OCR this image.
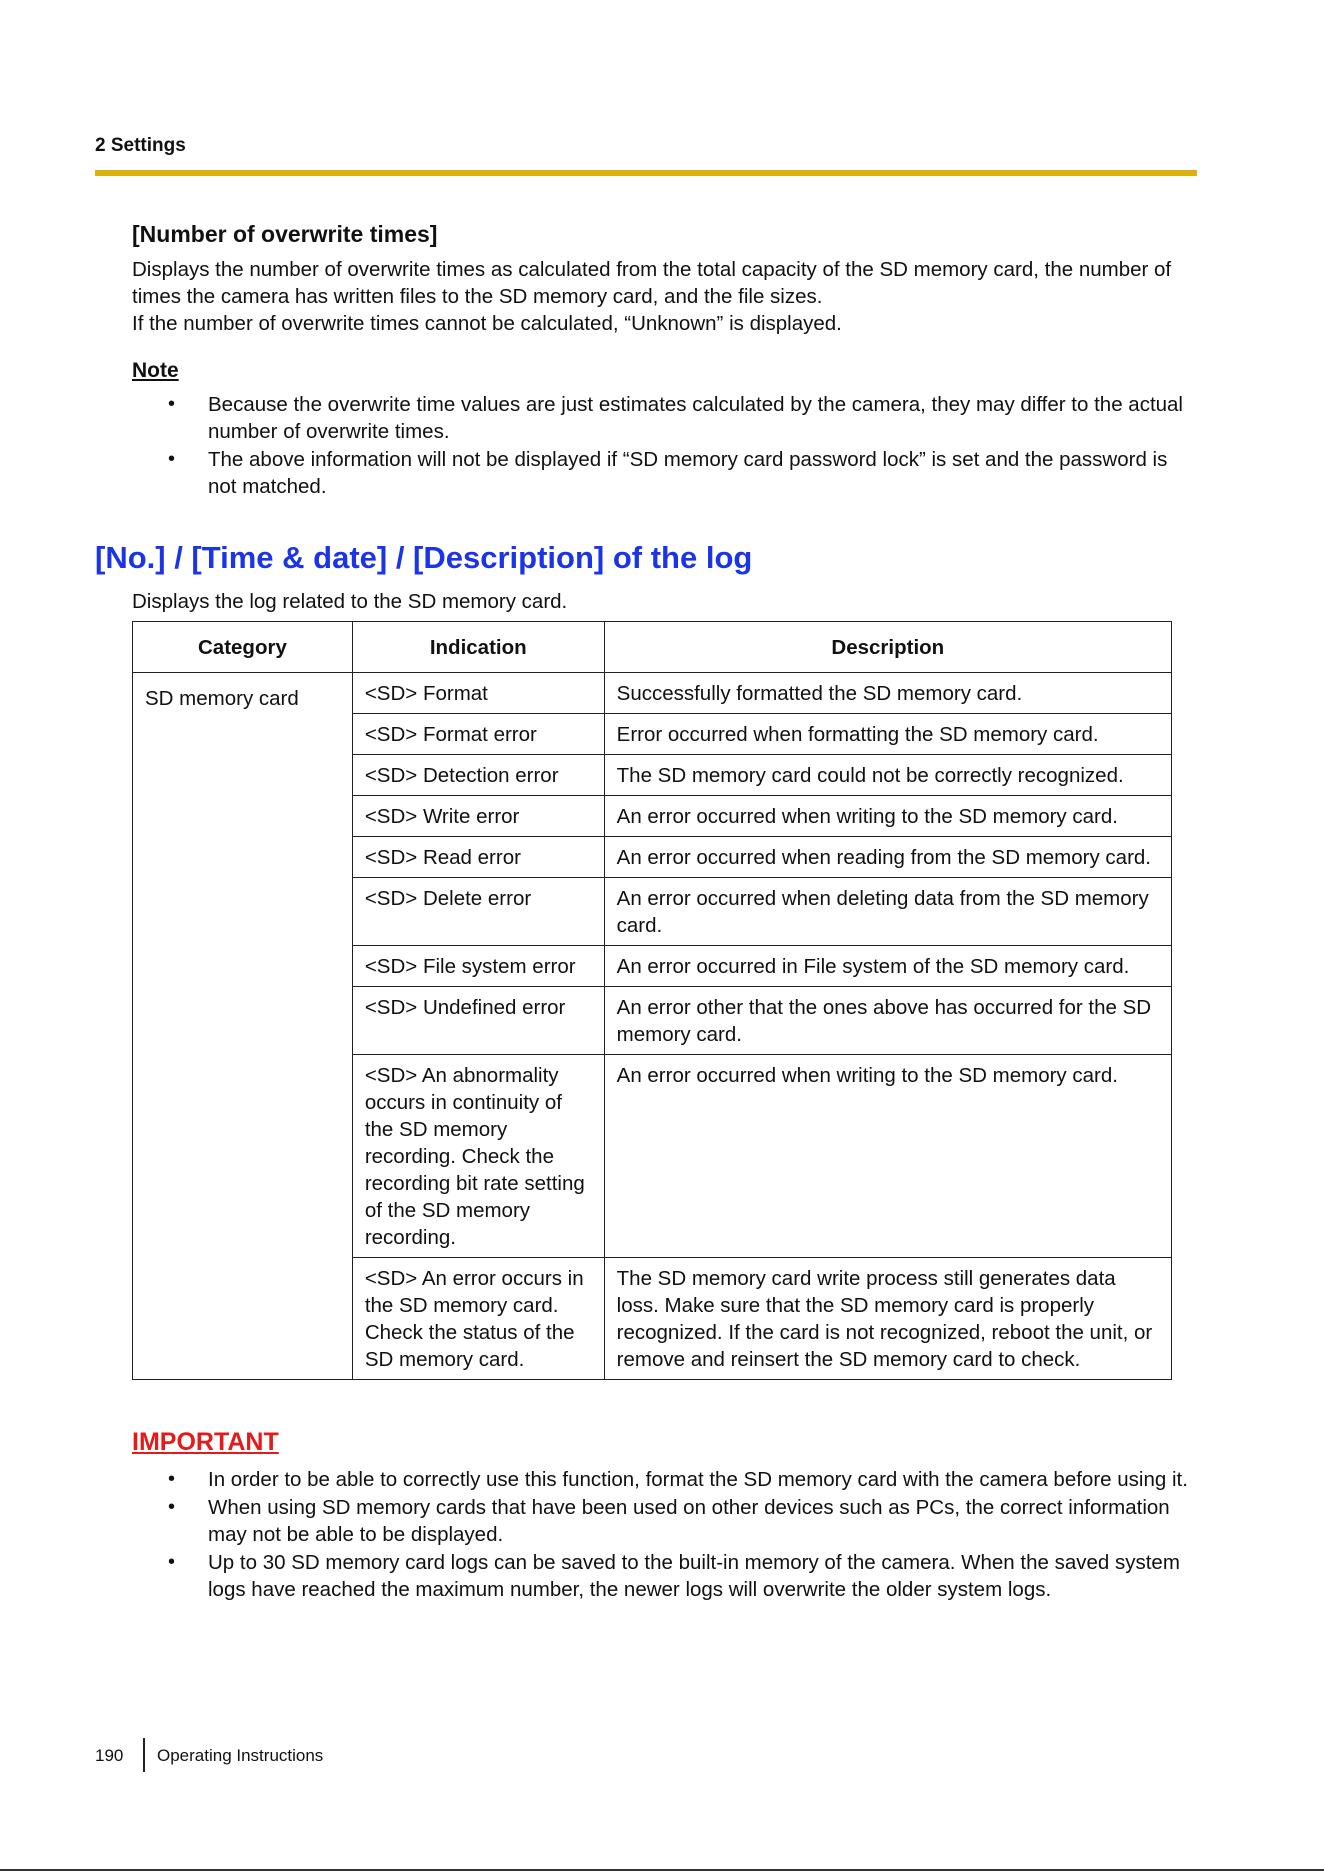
2 Settings
[Number of overwrite times]

Displays the number of overwrite times as calculated from the total capacity of the SD memory card, the number of times the camera has written files to the SD memory card, and the file sizes.

If the number of overwrite times cannot be calculated, “Unknown” is displayed.

Note
• Because the overwrite time values are just estimates calculated by the camera, they may differ to the actual number of overwrite times.
• The above information will not be displayed if “SD memory card password lock” is set and the password is not matched.
[No.] / [Time & date] / [Description] of the log
Displays the log related to the SD memory card.
Category	Indication	Description
SD memory card	<SD> Format	Successfully formatted the SD memory card.
	<SD> Format error	Error occurred when formatting the SD memory card.
	<SD> Detection error	The SD memory card could not be correctly recognized.
	<SD> Write error	An error occurred when writing to the SD memory card.
	<SD> Read error	An error occurred when reading from the SD memory card.
	<SD> Delete error	An error occurred when deleting data from the SD memory card.
	<SD> File system error	An error occurred in File system of the SD memory card.
	<SD> Undefined error	An error other that the ones above has occurred for the SD memory card.
	<SD> An abnormality occurs in continuity of the SD memory recording. Check the recording bit rate setting of the SD memory recording.	An error occurred when writing to the SD memory card.
	<SD> An error occurs in the SD memory card. Check the status of the SD memory card.	The SD memory card write process still generates data loss. Make sure that the SD memory card is properly recognized. If the card is not recognized, reboot the unit, or remove and reinsert the SD memory card to check.
IMPORTANT
• In order to be able to correctly use this function, format the SD memory card with the camera before using it.
• When using SD memory cards that have been used on other devices such as PCs, the correct information may not be able to be displayed.
• Up to 30 SD memory card logs can be saved to the built-in memory of the camera. When the saved system logs have reached the maximum number, the newer logs will overwrite the older system logs.
190 Operating Instructions
